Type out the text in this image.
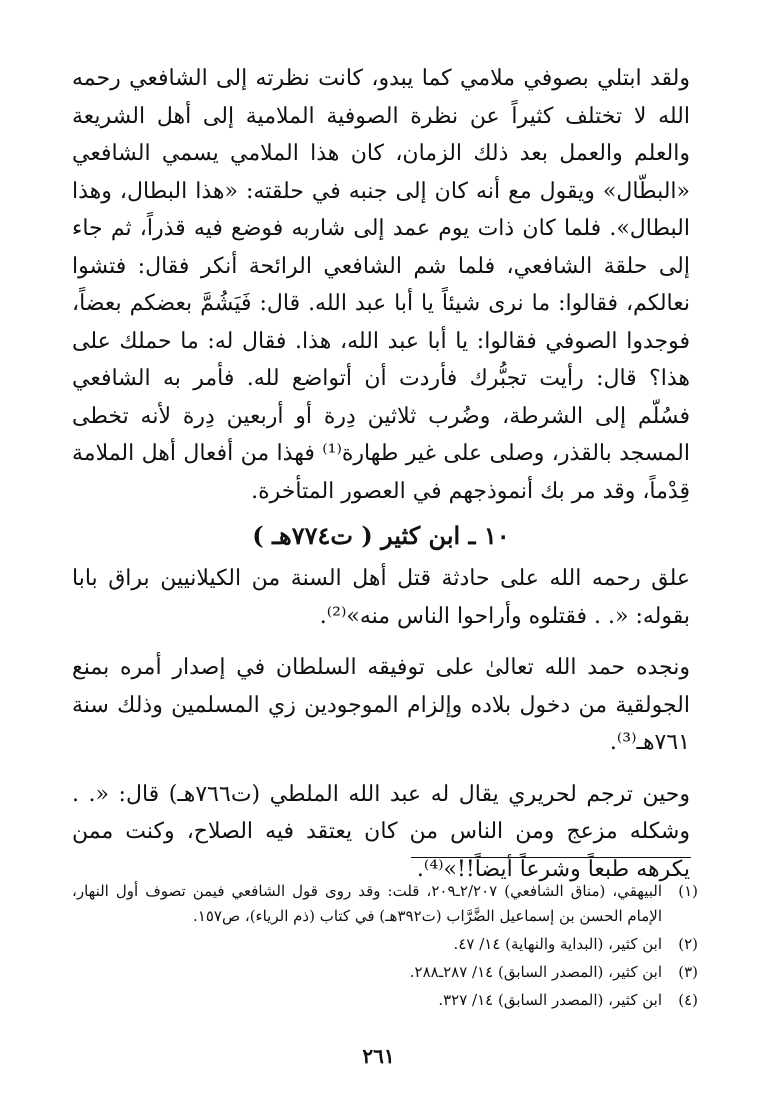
ولقد ابتلي بصوفي ملامي كما يبدو، كانت نظرته إلى الشافعي رحمه الله لا تختلف كثيراً عن نظرة الصوفية الملامية إلى أهل الشريعة والعلم والعمل بعد ذلك الزمان، كان هذا الملامي يسمي الشافعي «البطّال» ويقول مع أنه كان إلى جنبه في حلقته: «هذا البطال، وهذا البطال». فلما كان ذات يوم عمد إلى شاربه فوضع فيه قذراً، ثم جاء إلى حلقة الشافعي، فلما شم الشافعي الرائحة أنكر فقال: فتشوا نعالكم، فقالوا: ما نرى شيئاً يا أبا عبد الله. قال: فَيَشُمَّ بعضكم بعضاً، فوجدوا الصوفي فقالوا: يا أبا عبد الله، هذا. فقال له: ما حملك على هذا؟ قال: رأيت تجبُّرك فأردت أن أتواضع لله. فأمر به الشافعي فسُلّم إلى الشرطة، وضُرب ثلاثين دِرة أو أربعين دِرة لأنه تخطى المسجد بالقذر، وصلى على غير طهارة⁽¹⁾ فهذا من أفعال أهل الملامة قِدْماً، وقد مر بك أنموذجهم في العصور المتأخرة.

١٠ ـ ابن كثير ( ت٧٧٤هـ )

علق رحمه الله على حادثة قتل أهل السنة من الكيلانيين براق بابا بقوله: «. . فقتلوه وأراحوا الناس منه»⁽²⁾.

ونجده حمد الله تعالىٰ على توفيقه السلطان في إصدار أمره بمنع الجولقية من دخول بلاده وإلزام الموجودين زي المسلمين وذلك سنة ٧٦١هـ⁽³⁾.

وحين ترجم لحريري يقال له عبد الله الملطي (ت٧٦٦هـ) قال: «. . وشكله مزعج ومن الناس من كان يعتقد فيه الصلاح، وكنت ممن يكرهه طبعاً وشرعاً أيضاً!!»⁽⁴⁾.

(١)
البيهقي، (مناق الشافعي) ٢/٢٠٧ـ٢٠٩، قلت: وقد روى قول الشافعي فيمن تصوف أول النهار، الإمام الحسن بن إسماعيل الضَّرَّاب (ت٣٩٢هـ) في كتاب (ذم الرياء)، ص١٥٧.
(٢)
ابن كثير، (البداية والنهاية) ١٤/ ٤٧.
(٣)
ابن كثير، (المصدر السابق) ١٤/ ٢٨٧ـ٢٨٨.
(٤)
ابن كثير، (المصدر السابق) ١٤/ ٣٢٧.
٢٦١
